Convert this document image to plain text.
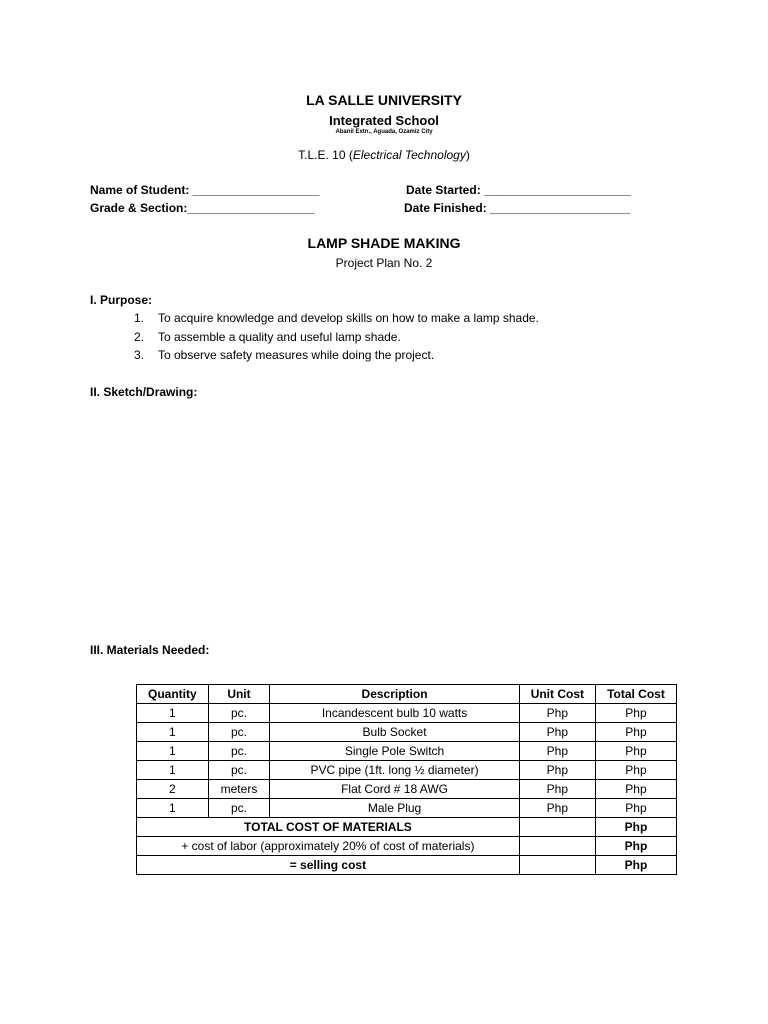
LA SALLE UNIVERSITY
Integrated School
Abanil Extn., Aguada, Ozamiz City
T.L.E. 10 (Electrical Technology)
Name of Student: ___________________
Grade & Section:___________________
Date Started: ______________________
Date Finished: _____________________
LAMP SHADE MAKING
Project Plan No. 2
I. Purpose:
1.	To acquire knowledge and develop skills on how to make a lamp shade.
2.	To assemble a quality and useful lamp shade.
3.	To observe safety measures while doing the project.
II. Sketch/Drawing:
III. Materials Needed:
Quantity	Unit	Description	Unit Cost	Total Cost
1	pc.	Incandescent bulb 10 watts	Php	Php
1	pc.	Bulb Socket	Php	Php
1	pc.	Single Pole Switch	Php	Php
1	pc.	PVC pipe (1ft. long ½ diameter)	Php	Php
2	meters	Flat Cord # 18 AWG	Php	Php
1	pc.	Male Plug	Php	Php
TOTAL COST OF MATERIALS				Php
+ cost of labor (approximately 20% of cost of materials)				Php
= selling cost				Php
